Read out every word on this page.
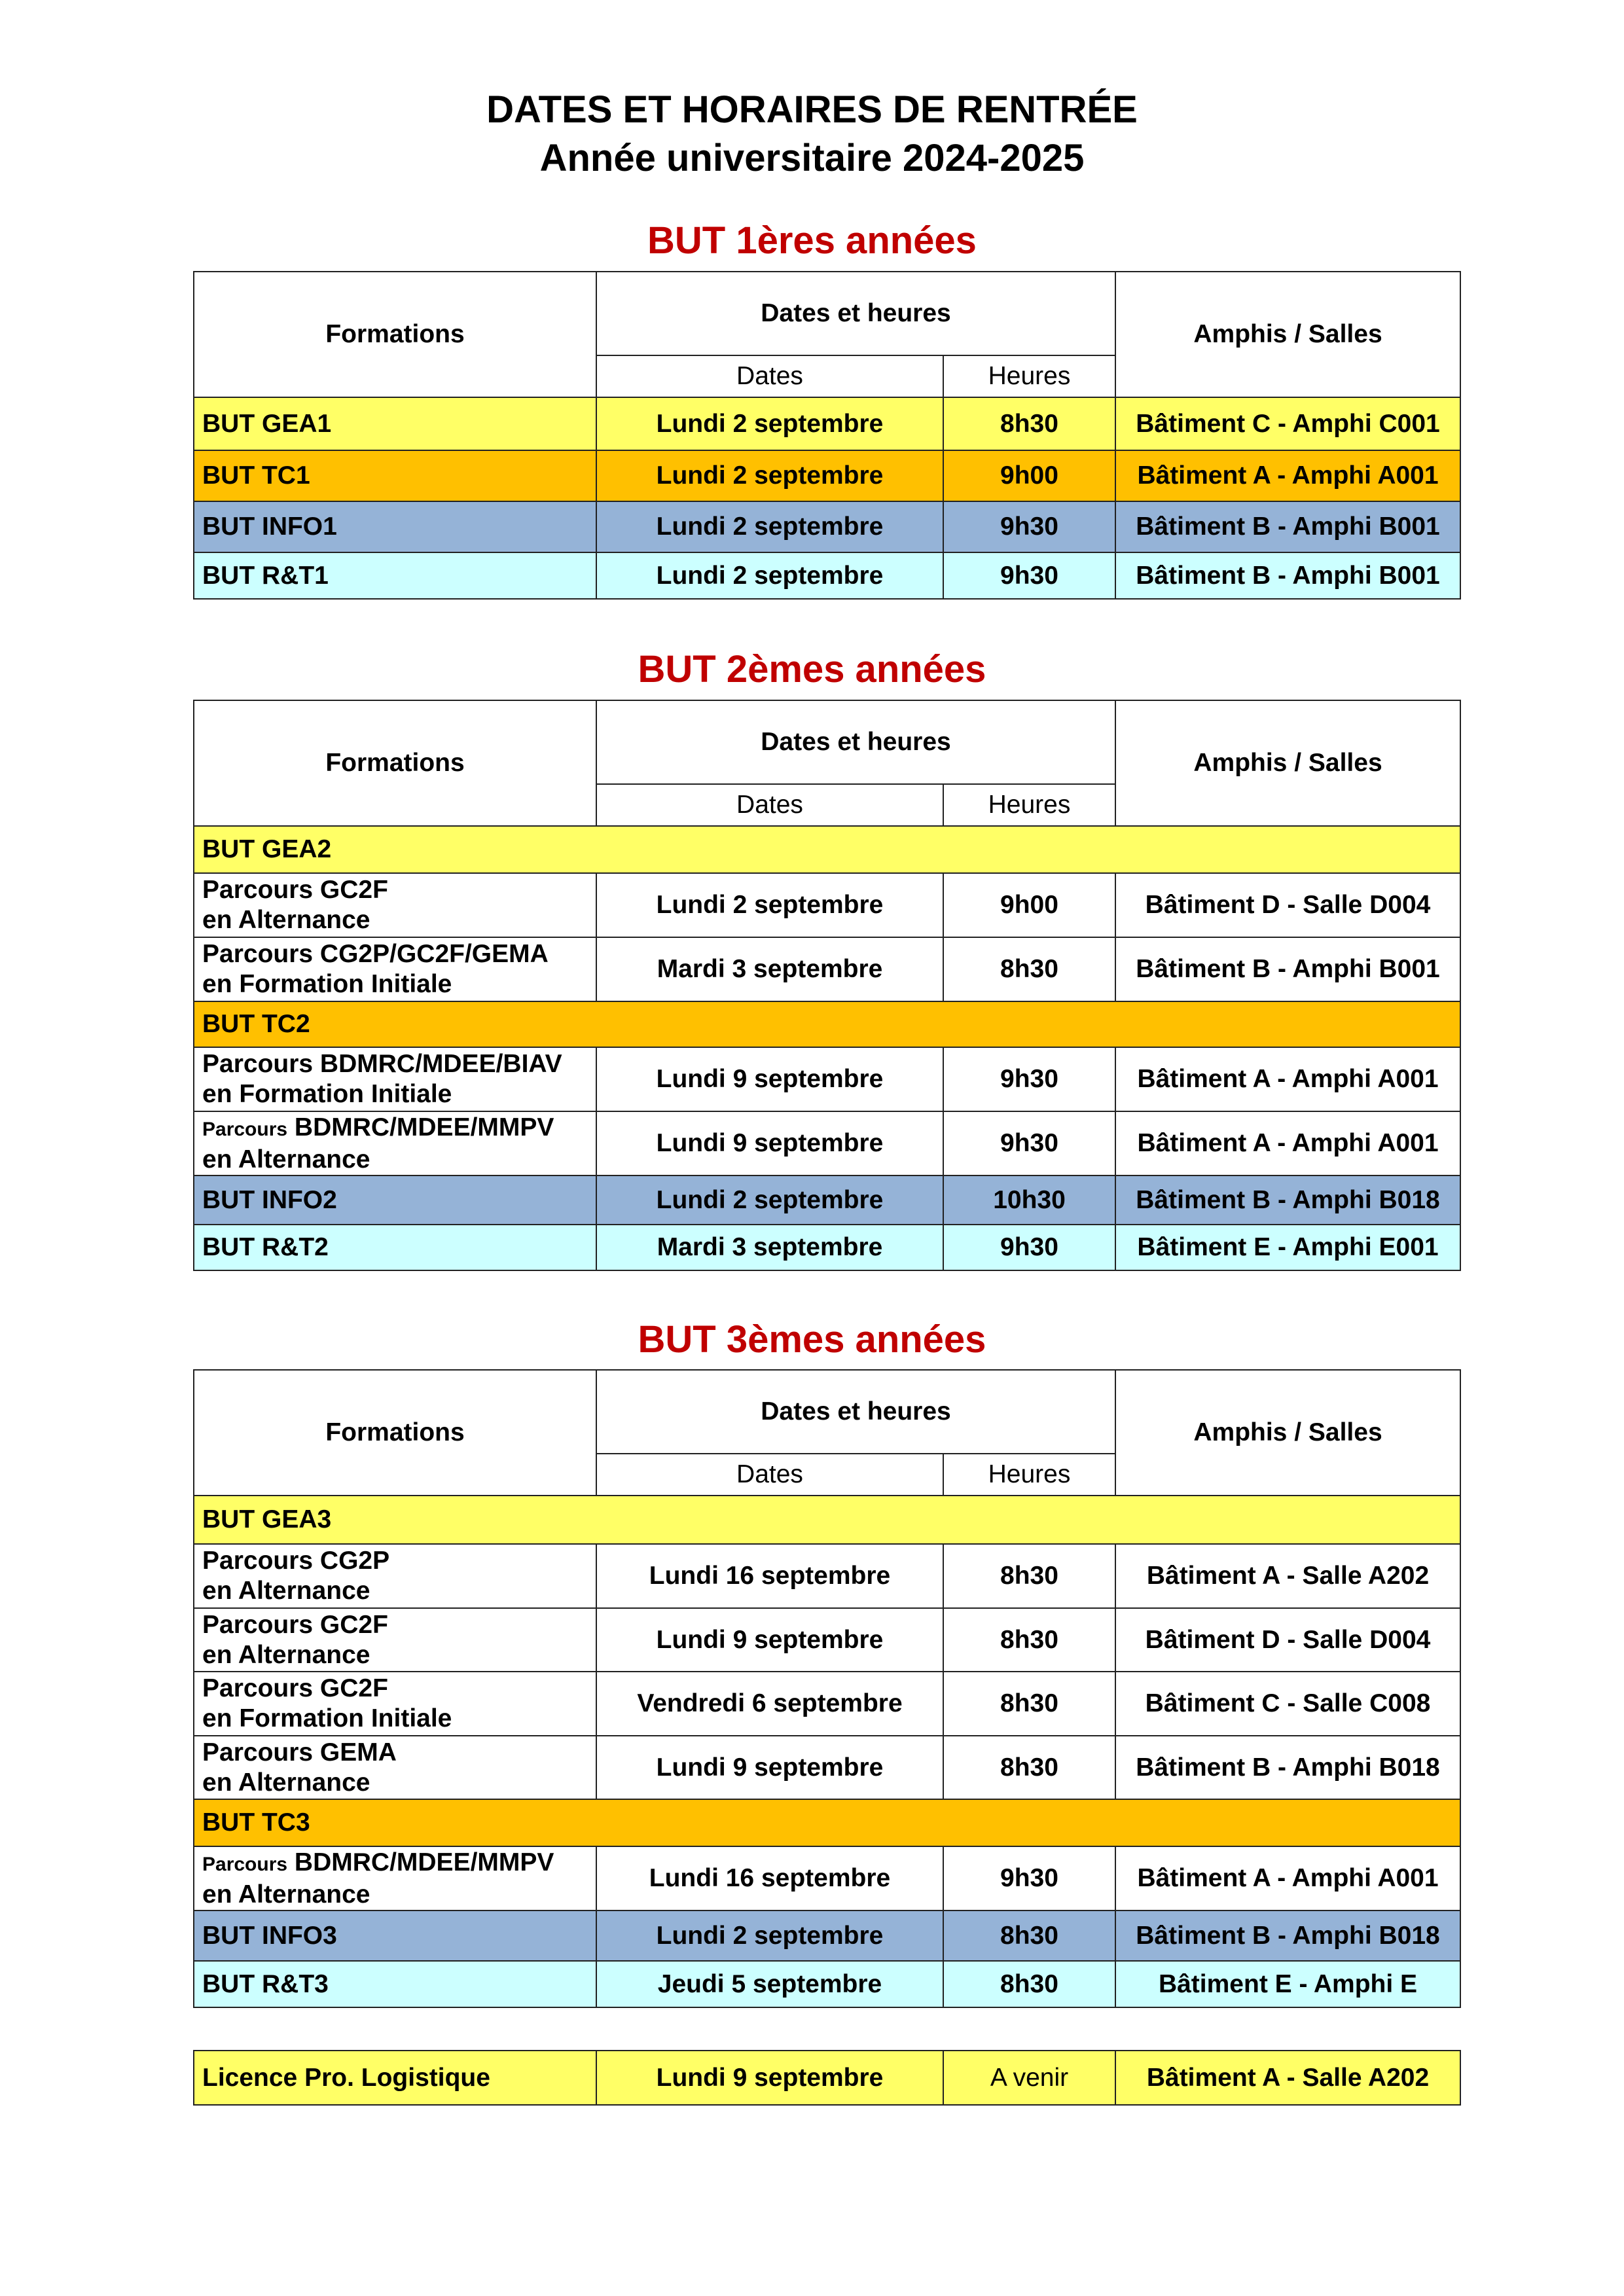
DATES ET HORAIRES DE RENTRÉE
Année universitaire 2024-2025
BUT 1ères années
Formations	Dates et heures		Amphis / Salles
	Dates	Heures	
BUT GEA1	Lundi 2 septembre	8h30	Bâtiment C - Amphi C001
BUT TC1	Lundi 2 septembre	9h00	Bâtiment A - Amphi A001
BUT INFO1	Lundi 2 septembre	9h30	Bâtiment B - Amphi B001
BUT R&T1	Lundi 2 septembre	9h30	Bâtiment B - Amphi B001
BUT 2èmes années
Formations	Dates et heures		Amphis / Salles
	Dates	Heures	
BUT GEA2			

Parcours GC2F
en Alternance	Lundi 2 septembre	9h00	Bâtiment D - Salle D004

Parcours CG2P/GC2F/GEMA
en Formation Initiale	Mardi 3 septembre	8h30	Bâtiment B - Amphi B001
BUT TC2			

Parcours BDMRC/MDEE/BIAV
en Formation Initiale	Lundi 9 septembre	9h30	Bâtiment A - Amphi A001

Parcours BDMRC/MDEE/MMPV
en Alternance	Lundi 9 septembre	9h30	Bâtiment A - Amphi A001
BUT INFO2	Lundi 2 septembre	10h30	Bâtiment B - Amphi B018
BUT R&T2	Mardi 3 septembre	9h30	Bâtiment E - Amphi E001
BUT 3èmes années
Formations	Dates et heures		Amphis / Salles
	Dates	Heures	
BUT GEA3			

Parcours CG2P
en Alternance	Lundi 16 septembre	8h30	Bâtiment A - Salle A202

Parcours GC2F
en Alternance	Lundi 9 septembre	8h30	Bâtiment D - Salle D004

Parcours GC2F
en Formation Initiale	Vendredi 6 septembre	8h30	Bâtiment C - Salle C008

Parcours GEMA
en Alternance	Lundi 9 septembre	8h30	Bâtiment B - Amphi B018
BUT TC3			

Parcours BDMRC/MDEE/MMPV
en Alternance	Lundi 16 septembre	9h30	Bâtiment A - Amphi A001
BUT INFO3	Lundi 2 septembre	8h30	Bâtiment B - Amphi B018
BUT R&T3	Jeudi 5 septembre	8h30	Bâtiment E - Amphi E
Licence Pro. Logistique	Lundi 9 septembre	A venir	Bâtiment A - Salle A202
